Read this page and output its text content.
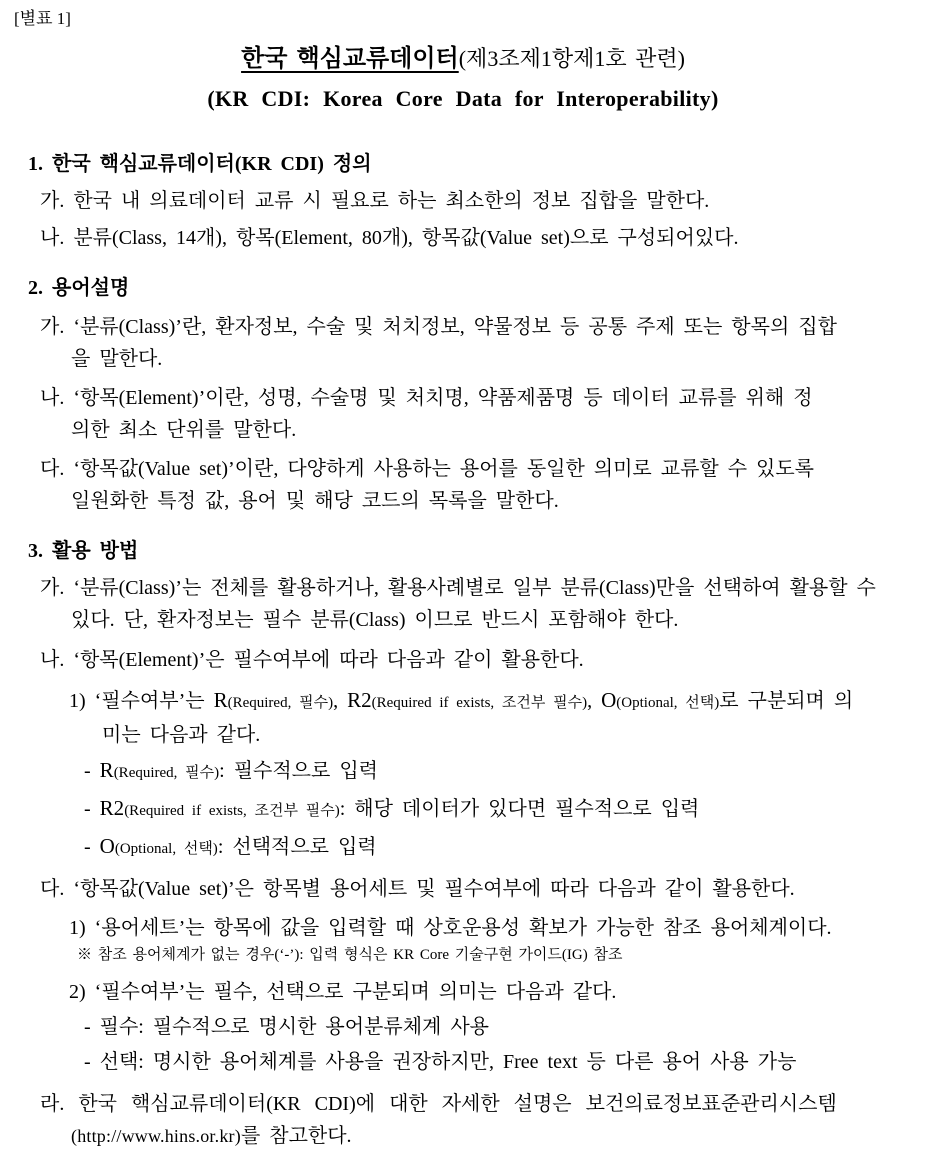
[별표 1]
한국 핵심교류데이터(제3조제1항제1호 관련)
(KR CDI: Korea Core Data for Interoperability)
1. 한국 핵심교류데이터(KR CDI) 정의
가. 한국 내 의료데이터 교류 시 필요로 하는 최소한의 정보 집합을 말한다.
나. 분류(Class, 14개), 항목(Element, 80개), 항목값(Value set)으로 구성되어있다.
2. 용어설명
가. ‘분류(Class)’란, 환자정보, 수술 및 처치정보, 약물정보 등 공통 주제 또는 항목의 집합
을 말한다.
나. ‘항목(Element)’이란, 성명, 수술명 및 처치명, 약품제품명 등 데이터 교류를 위해 정
의한 최소 단위를 말한다.
다. ‘항목값(Value set)’이란, 다양하게 사용하는 용어를 동일한 의미로 교류할 수 있도록
일원화한 특정 값, 용어 및 해당 코드의 목록을 말한다.
3. 활용 방법
가. ‘분류(Class)’는 전체를 활용하거나, 활용사례별로 일부 분류(Class)만을 선택하여 활용할 수
있다. 단, 환자정보는 필수 분류(Class) 이므로 반드시 포함해야 한다.
나. ‘항목(Element)’은 필수여부에 따라 다음과 같이 활용한다.
1) ‘필수여부’는 R(Required, 필수), R2(Required if exists, 조건부 필수), O(Optional, 선택)로 구분되며 의
미는 다음과 같다.
- R(Required, 필수): 필수적으로 입력
- R2(Required if exists, 조건부 필수): 해당 데이터가 있다면 필수적으로 입력
- O(Optional, 선택): 선택적으로 입력
다. ‘항목값(Value set)’은 항목별 용어세트 및 필수여부에 따라 다음과 같이 활용한다.
1) ‘용어세트’는 항목에 값을 입력할 때 상호운용성 확보가 가능한 참조 용어체계이다.
※ 참조 용어체계가 없는 경우(‘-’): 입력 형식은 KR Core 기술구현 가이드(IG) 참조
2) ‘필수여부’는 필수, 선택으로 구분되며 의미는 다음과 같다.
- 필수: 필수적으로 명시한 용어분류체계 사용
- 선택: 명시한 용어체계를 사용을 권장하지만, Free text 등 다른 용어 사용 가능
라. 한국 핵심교류데이터(KR CDI)에 대한 자세한 설명은 보건의료정보표준관리시스템
(http://www.hins.or.kr)를 참고한다.
